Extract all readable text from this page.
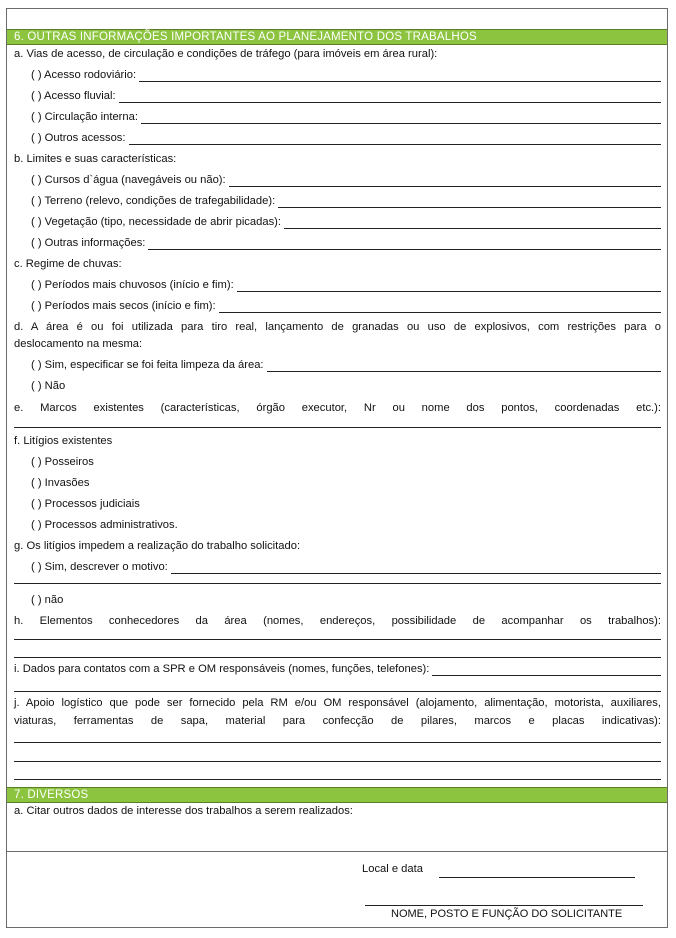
6. OUTRAS INFORMAÇÕES IMPORTANTES AO PLANEJAMENTO DOS TRABALHOS
a. Vias de acesso, de circulação e condições de tráfego (para imóveis em área rural):
( ) Acesso rodoviário:
( ) Acesso fluvial:
( ) Circulação interna:
( ) Outros acessos:
b. Limites e suas características:
( ) Cursos d`água (navegáveis ou não):
( ) Terreno (relevo, condições de trafegabilidade):
( ) Vegetação (tipo, necessidade de abrir picadas):
( ) Outras informações:
c. Regime de chuvas:
( ) Períodos mais chuvosos (início e fim):
( ) Períodos mais secos (início e fim):
d. A área é ou foi utilizada para tiro real, lançamento de granadas ou uso de explosivos, com restrições para o
deslocamento na mesma:
( ) Sim, especificar se foi feita limpeza da área:
( ) Não
e. Marcos existentes (características, órgão executor, Nr ou nome dos pontos, coordenadas etc.):
f. Litígios existentes
( ) Posseiros
( ) Invasões
( ) Processos judiciais
( ) Processos administrativos.
g. Os litígios impedem a realização do trabalho solicitado:
( ) Sim, descrever o motivo:
( ) não
h. Elementos conhecedores da área (nomes, endereços, possibilidade de acompanhar os trabalhos):
i. Dados para contatos com a SPR e OM responsáveis (nomes, funções, telefones):
j. Apoio logístico que pode ser fornecido pela RM e/ou OM responsável (alojamento, alimentação, motorista, auxiliares,
viaturas, ferramentas de sapa, material para confecção de pilares, marcos e placas indicativas):
7. DIVERSOS
a. Citar outros dados de interesse dos trabalhos a serem realizados:
Local e data
NOME, POSTO E FUNÇÃO DO SOLICITANTE
